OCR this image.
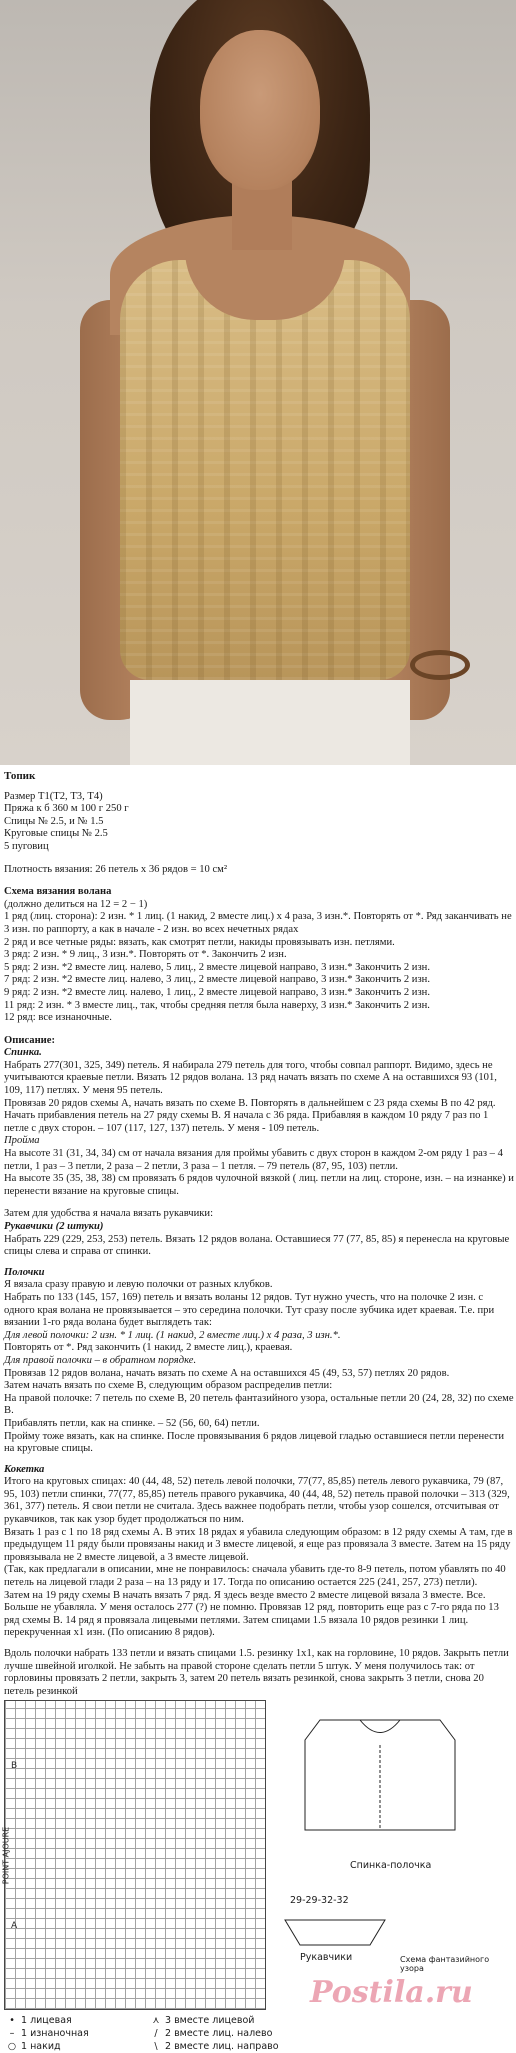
Топик
Размер Т1(Т2, Т3, Т4)
Пряжа к б 360 м 100 г 250 г
Спицы № 2.5, и № 1.5
Круговые спицы № 2.5
5 пуговиц
Плотность вязания: 26 петель х 36 рядов = 10 см²
Схема вязания волана
(должно делиться на 12 = 2 − 1)
1 ряд (лиц. сторона): 2 изн. * 1 лиц. (1 накид, 2 вместе лиц.) х 4 раза, 3 изн.*. Повторять от *. Ряд заканчивать не 3 изн. по раппорту, а как в начале - 2 изн. во всех нечетных рядах
2 ряд и все четные ряды: вязать, как смотрят петли, накиды провязывать изн. петлями.
3 ряд: 2 изн. * 9 лиц., 3 изн.*. Повторять от *. Закончить 2 изн.
5 ряд: 2 изн. *2 вместе лиц. налево, 5 лиц., 2 вместе лицевой направо, 3 изн.* Закончить 2 изн.
7 ряд: 2 изн. *2 вместе лиц. налево, 3 лиц., 2 вместе лицевой направо, 3 изн.* Закончить 2 изн.
9 ряд: 2 изн. *2 вместе лиц. налево, 1 лиц., 2 вместе лицевой направо, 3 изн.* Закончить 2 изн.
11 ряд: 2 изн. * 3 вместе лиц., так, чтобы средняя петля была наверху, 3 изн.* Закончить 2 изн.
12 ряд: все изнаночные.
Описание:
Спинка.
Набрать 277(301, 325, 349) петель. Я набирала 279 петель для того, чтобы совпал раппорт. Видимо, здесь не учитываются краевые петли. Вязать 12 рядов волана. 13 ряд начать вязать по схеме А на оставшихся 93 (101, 109, 117) петлях. У меня 95 петель.
Провязав 20 рядов схемы А, начать вязать по схеме В. Повторять в дальнейшем с 23 ряда схемы В по 42 ряд.
Начать прибавления петель на 27 ряду схемы В. Я начала с 36 ряда. Прибавляя в каждом 10 ряду 7 раз по 1 петле с двух сторон. – 107 (117, 127, 137) петель. У меня - 109 петель.
Пройма
На высоте 31 (31, 34, 34) см от начала вязания для проймы убавить с двух сторон в каждом 2-ом ряду 1 раз – 4 петли, 1 раз – 3 петли, 2 раза – 2 петли, 3 раза – 1 петля. – 79 петель (87, 95, 103) петли.
На высоте 35 (35, 38, 38) см провязать 6 рядов чулочной вязкой ( лиц. петли на лиц. стороне, изн. – на изнанке) и перенести вязание на круговые спицы.
Затем для удобства я начала вязать рукавчики:
Рукавчики (2 штуки)
Набрать 229 (229, 253, 253) петель. Вязать 12 рядов волана. Оставшиеся 77 (77, 85, 85) я перенесла на круговые спицы слева и справа от спинки.
Полочки
Я вязала сразу правую и левую полочки от разных клубков.
Набрать по 133 (145, 157, 169) петель и вязать воланы 12 рядов. Тут нужно учесть, что на полочке 2 изн. с одного края волана не провязывается – это середина полочки. Тут сразу после зубчика идет краевая. Т.е. при вязании 1-го ряда волана будет выглядеть так:
Для левой полочки: 2 изн. * 1 лиц. (1 накид, 2 вместе лиц.) х 4 раза, 3 изн.*.
Повторять от *. Ряд закончить (1 накид, 2 вместе лиц.), краевая.
Для правой полочки – в обратном порядке.
Провязав 12 рядов волана, начать вязать по схеме А на оставшихся 45 (49, 53, 57) петлях 20 рядов.
Затем начать вязать по схеме В, следующим образом распределив петли:
На правой полочке: 7 петель по схеме В, 20 петель фантазийного узора, остальные петли 20 (24, 28, 32) по схеме В.
Прибавлять петли, как на спинке. – 52 (56, 60, 64) петли.
Пройму тоже вязать, как на спинке. После провязывания 6 рядов лицевой гладью оставшиеся петли перенести на круговые спицы.
Кокетка
Итого на круговых спицах: 40 (44, 48, 52) петель левой полочки, 77(77, 85,85) петель левого рукавчика, 79 (87, 95, 103) петли спинки, 77(77, 85,85) петель правого рукавчика, 40 (44, 48, 52) петель правой полочки – 313 (329, 361, 377) петель. Я свои петли не считала. Здесь важнее подобрать петли, чтобы узор сошелся, отсчитывая от рукавчиков, так как узор будет продолжаться по ним.
Вязать 1 раз с 1 по 18 ряд схемы А. В этих 18 рядах я убавила следующим образом: в 12 ряду схемы А там, где в предыдущем 11 ряду были провязаны накид и 3 вместе лицевой, я еще раз провязала 3 вместе. Затем на 15 ряду провязывала не 2 вместе лицевой, а 3 вместе лицевой.
(Так, как предлагали в описании, мне не понравилось: сначала убавить где-то 8-9 петель, потом убавлять по 40 петель на лицевой глади 2 раза – на 13 ряду и 17. Тогда по описанию остается 225 (241, 257, 273) петли).
Затем на 19 ряду схемы В начать вязать 7 ряд. Я здесь везде вместо 2 вместе лицевой вязала 3 вместе. Все. Больше не убавляла. У меня осталось 277 (?) не помню. Провязав 12 ряд, повторить еще раз с 7-го ряда по 13 ряд схемы В. 14 ряд я провязала лицевыми петлями. Затем спицами 1.5 вязала 10 рядов резинки 1 лиц. перекрученная х1 изн. (По описанию 8 рядов).
Вдоль полочки набрать 133 петли и вязать спицами 1.5. резинку 1х1, как на горловине, 10 рядов. Закрыть петли лучше швейной иголкой. Не забыть на правой стороне сделать петли 5 штук. У меня получилось так: от горловины провязать 2 петли, закрыть 3, затем 20 петель вязать резинкой, снова закрыть 3 петли, снова 20 петель резинкой
POINT AJOURE
B
A
Спинка-полочка
29-29-32-32
Рукавчики	Схема фантазийного узора
Postila.ru
• 1 лицевая
– 1 изнаночная
○ 1 накид
⋏ 3 вместе лицевой
/ 2 вместе лиц. налево
\ 2 вместе лиц. направо
